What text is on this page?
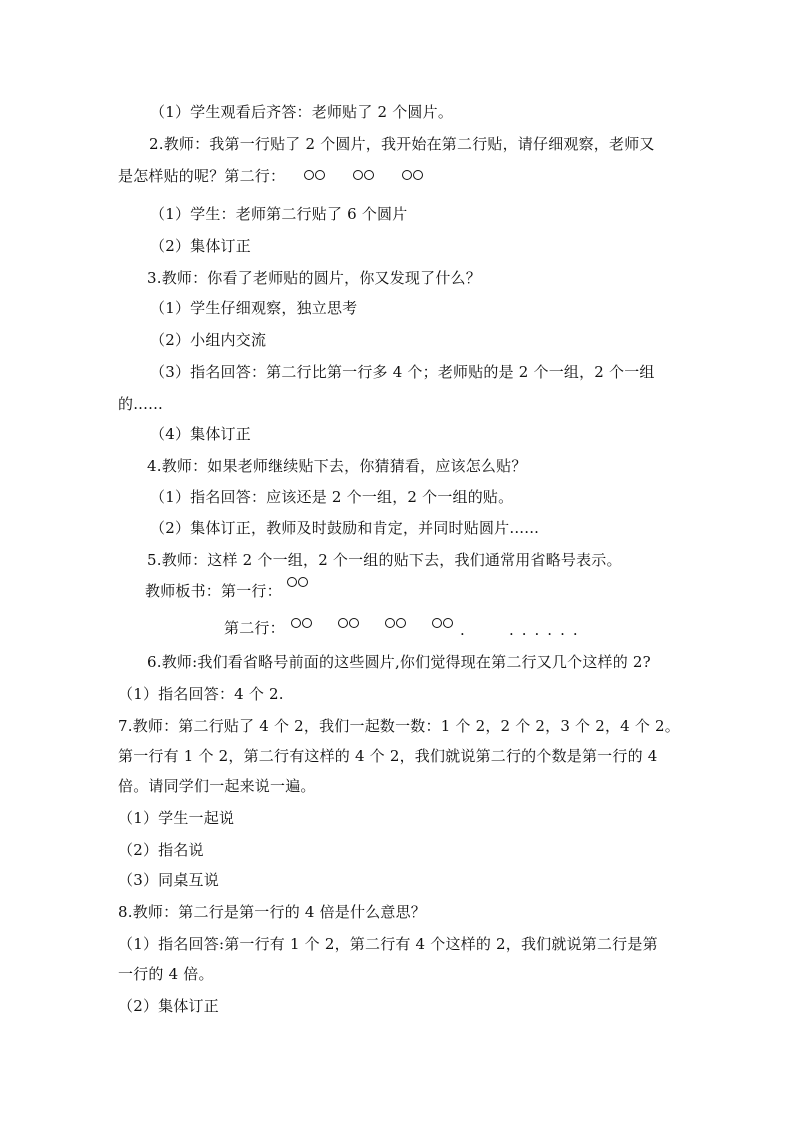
（1）学生观看后齐答：老师贴了 2 个圆片。
2.教师：我第一行贴了 2 个圆片，我开始在第二行贴，请仔细观察，老师又
是怎样贴的呢？第二行：

（1）学生：老师第二行贴了 6 个圆片
（2）集体订正
3.教师：你看了老师贴的圆片，你又发现了什么？
（1）学生仔细观察，独立思考
（2）小组内交流
（3）指名回答：第二行比第一行多 4 个；老师贴的是 2 个一组，2 个一组
的......
（4）集体订正
4.教师：如果老师继续贴下去，你猜猜看，应该怎么贴？
（1）指名回答：应该还是 2 个一组，2 个一组的贴。
（2）集体订正，教师及时鼓励和肯定，并同时贴圆片......
5.教师：这样 2 个一组，2 个一组的贴下去，我们通常用省略号表示。
教师板书：第一行：
第二行：
	.	......
6.教师:我们看省略号前面的这些圆片,你们觉得现在第二行又几个这样的 2?
（1）指名回答：4 个 2.
7.教师：第二行贴了 4 个 2，我们一起数一数：1 个 2，2 个 2，3 个 2，4 个 2。
第一行有 1 个 2，第二行有这样的 4 个 2，我们就说第二行的个数是第一行的 4
倍。请同学们一起来说一遍。
（1）学生一起说
（2）指名说
（3）同桌互说
8.教师：第二行是第一行的 4 倍是什么意思？
（1）指名回答:第一行有 1 个 2，第二行有 4 个这样的 2，我们就说第二行是第
一行的 4 倍。
（2）集体订正
